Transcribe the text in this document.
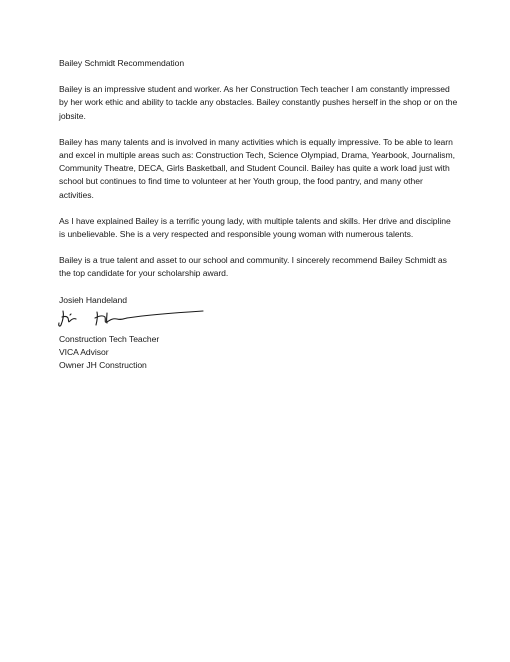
Bailey Schmidt Recommendation

Bailey is an impressive student and worker. As her Construction Tech teacher I am constantly impressed by her work ethic and ability to tackle any obstacles. Bailey constantly pushes herself in the shop or on the jobsite.

Bailey has many talents and is involved in many activities which is equally impressive. To be able to learn and excel in multiple areas such as: Construction Tech, Science Olympiad, Drama, Yearbook, Journalism, Community Theatre, DECA, Girls Basketball, and Student Council. Bailey has quite a work load just with school but continues to find time to volunteer at her Youth group, the food pantry, and many other activities.

As I have explained Bailey is a terrific young lady, with multiple talents and skills. Her drive and discipline is unbelievable. She is a very respected and responsible young woman with numerous talents.

Bailey is a true talent and asset to our school and community. I sincerely recommend Bailey Schmidt as the top candidate for your scholarship award.

Josieh Handeland

Construction Tech Teacher

VICA Advisor

Owner JH Construction
